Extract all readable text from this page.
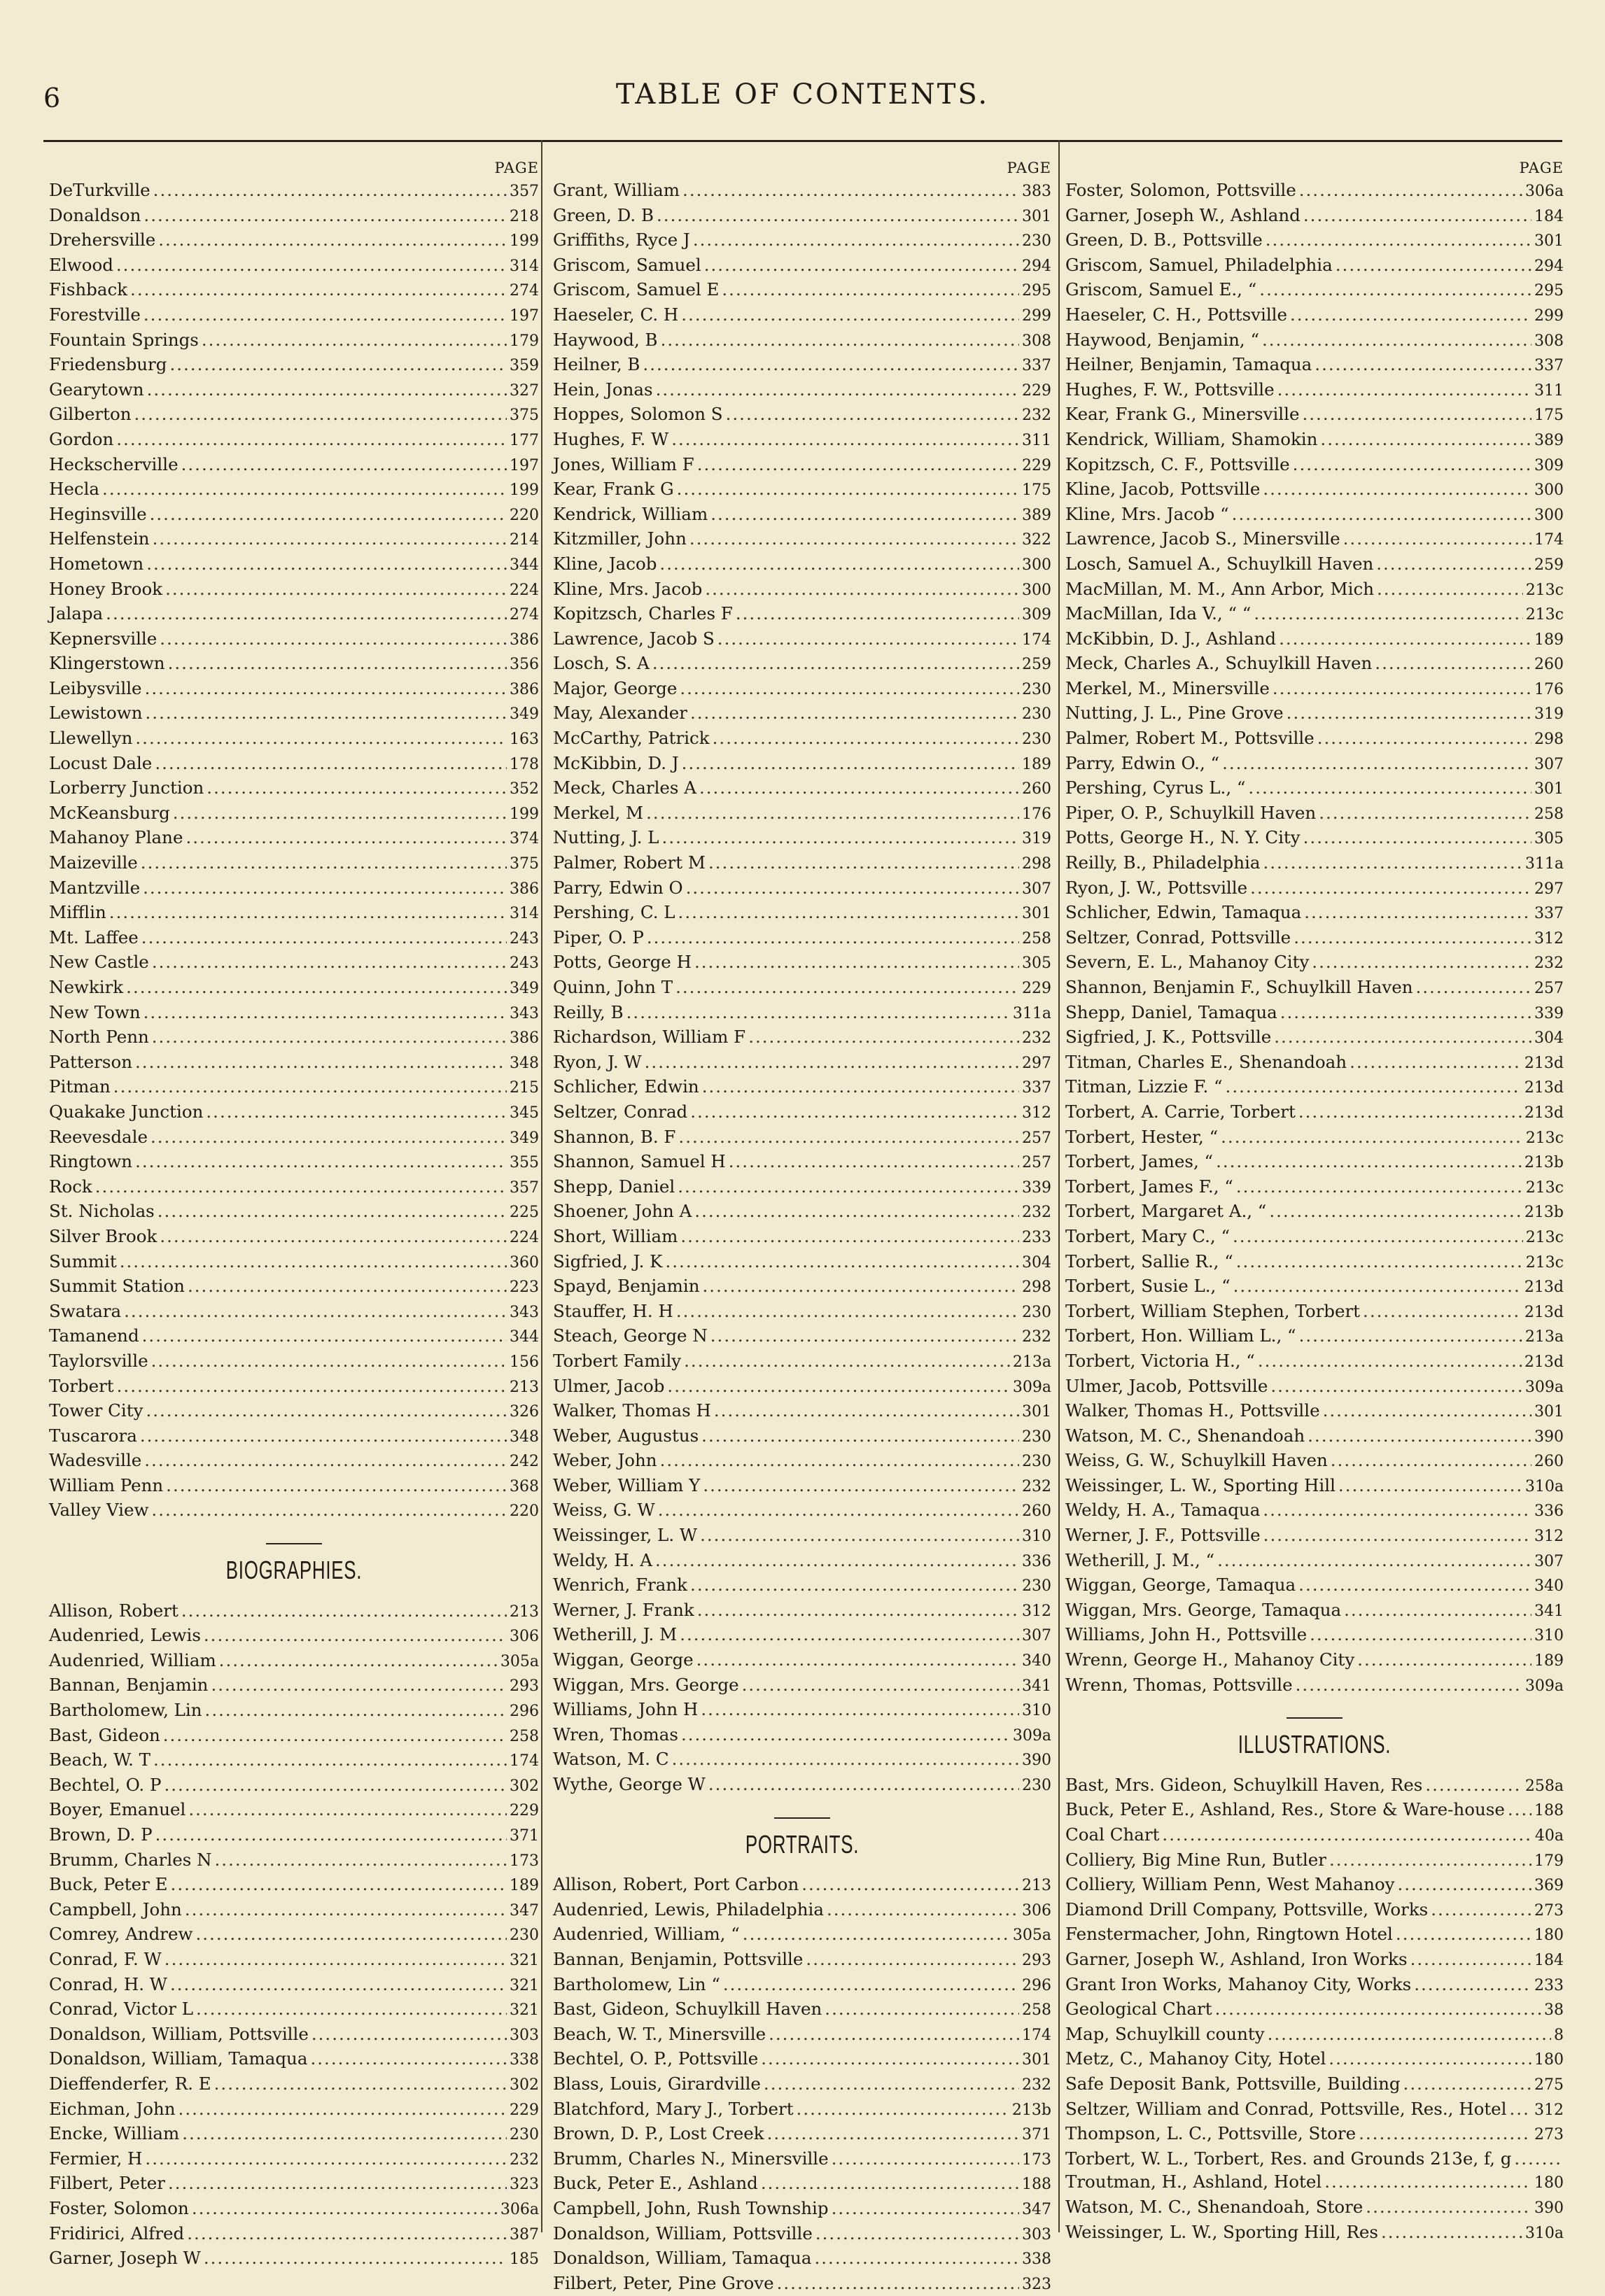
6	TABLE OF CONTENTS.
PAGE
DeTurkville .....	357
Donaldson .....	218
Drehersville .....	199
Elwood .....	314
Fishback .....	274
Forestville .....	197
Fountain Springs .....	179
Friedensburg .....	359
Gearytown .....	327
Gilberton .....	375
Gordon .....	177
Heckscherville .....	197
Hecla .....	199
Heginsville .....	220
Helfenstein .....	214
Hometown .....	344
Honey Brook .....	224
Jalapa .....	274
Kepnersville .....	386
Klingerstown .....	356
Leibysville .....	386
Lewistown .....	349
Llewellyn .....	163
Locust Dale .....	178
Lorberry Junction .....	352
McKeansburg .....	199
Mahanoy Plane .....	374
Maizeville .....	375
Mantzville .....	386
Mifflin .....	314
Mt. Laffee .....	243
New Castle .....	243
Newkirk .....	349
New Town .....	343
North Penn .....	386
Patterson .....	348
Pitman .....	215
Quakake Junction .....	345
Reevesdale .....	349
Ringtown .....	355
Rock .....	357
St. Nicholas .....	225
Silver Brook .....	224
Summit .....	360
Summit Station .....	223
Swatara .....	343
Tamanend .....	344
Taylorsville .....	156
Torbert .....	213
Tower City .....	326
Tuscarora .....	348
Wadesville .....	242
William Penn .....	368
Valley View .....	220
BIOGRAPHIES.
Allison, Robert .....	213
Audenried, Lewis .....	306
Audenried, William .....	305a
Bannan, Benjamin .....	293
Bartholomew, Lin .....	296
Bast, Gideon .....	258
Beach, W. T .....	174
Bechtel, O. P .....	302
Boyer, Emanuel .....	229
Brown, D. P .....	371
Brumm, Charles N .....	173
Buck, Peter E .....	189
Campbell, John .....	347
Comrey, Andrew .....	230
Conrad, F. W .....	321
Conrad, H. W .....	321
Conrad, Victor L .....	321
Donaldson, William, Pottsville .....	303
Donaldson, William, Tamaqua .....	338
Dieffenderfer, R. E .....	302
Eichman, John .....	229
Encke, William .....	230
Fermier, H .....	232
Filbert, Peter .....	323
Foster, Solomon .....	306a
Fridirici, Alfred .....	387
Garner, Joseph W .....	185
PAGE
Grant, William .....	383
Green, D. B .....	301
Griffiths, Ryce J .....	230
Griscom, Samuel .....	294
Griscom, Samuel E .....	295
Haeseler, C. H .....	299
Haywood, B .....	308
Heilner, B .....	337
Hein, Jonas .....	229
Hoppes, Solomon S .....	232
Hughes, F. W .....	311
Jones, William F .....	229
Kear, Frank G .....	175
Kendrick, William .....	389
Kitzmiller, John .....	322
Kline, Jacob .....	300
Kline, Mrs. Jacob .....	300
Kopitzsch, Charles F .....	309
Lawrence, Jacob S .....	174
Losch, S. A .....	259
Major, George .....	230
May, Alexander .....	230
McCarthy, Patrick .....	230
McKibbin, D. J .....	189
Meck, Charles A .....	260
Merkel, M .....	176
Nutting, J. L .....	319
Palmer, Robert M .....	298
Parry, Edwin O .....	307
Pershing, C. L .....	301
Piper, O. P .....	258
Potts, George H .....	305
Quinn, John T .....	229
Reilly, B .....	311a
Richardson, William F .....	232
Ryon, J. W .....	297
Schlicher, Edwin .....	337
Seltzer, Conrad .....	312
Shannon, B. F .....	257
Shannon, Samuel H .....	257
Shepp, Daniel .....	339
Shoener, John A .....	232
Short, William .....	233
Sigfried, J. K .....	304
Spayd, Benjamin .....	298
Stauffer, H. H .....	230
Steach, George N .....	232
Torbert Family .....	213a
Ulmer, Jacob .....	309a
Walker, Thomas H .....	301
Weber, Augustus .....	230
Weber, John .....	230
Weber, William Y .....	232
Weiss, G. W .....	260
Weissinger, L. W .....	310
Weldy, H. A .....	336
Wenrich, Frank .....	230
Werner, J. Frank .....	312
Wetherill, J. M .....	307
Wiggan, George .....	340
Wiggan, Mrs. George .....	341
Williams, John H .....	310
Wren, Thomas .....	309a
Watson, M. C .....	390
Wythe, George W .....	230
PORTRAITS.
Allison, Robert, Port Carbon .....	213
Audenried, Lewis, Philadelphia .....	306
Audenried, William, “ .....	305a
Bannan, Benjamin, Pottsville .....	293
Bartholomew, Lin “ .....	296
Bast, Gideon, Schuylkill Haven .....	258
Beach, W. T., Minersville .....	174
Bechtel, O. P., Pottsville .....	301
Blass, Louis, Girardville .....	232
Blatchford, Mary J., Torbert .....	213b
Brown, D. P., Lost Creek .....	371
Brumm, Charles N., Minersville .....	173
Buck, Peter E., Ashland .....	188
Campbell, John, Rush Township .....	347
Donaldson, William, Pottsville .....	303
Donaldson, William, Tamaqua .....	338
Filbert, Peter, Pine Grove .....	323
PAGE
Foster, Solomon, Pottsville .....	306a
Garner, Joseph W., Ashland .....	184
Green, D. B., Pottsville .....	301
Griscom, Samuel, Philadelphia .....	294
Griscom, Samuel E., “ .....	295
Haeseler, C. H., Pottsville .....	299
Haywood, Benjamin, “ .....	308
Heilner, Benjamin, Tamaqua .....	337
Hughes, F. W., Pottsville .....	311
Kear, Frank G., Minersville .....	175
Kendrick, William, Shamokin .....	389
Kopitzsch, C. F., Pottsville .....	309
Kline, Jacob, Pottsville .....	300
Kline, Mrs. Jacob “ .....	300
Lawrence, Jacob S., Minersville .....	174
Losch, Samuel A., Schuylkill Haven .....	259
MacMillan, M. M., Ann Arbor, Mich .....	213c
MacMillan, Ida V., “ “ .....	213c
McKibbin, D. J., Ashland .....	189
Meck, Charles A., Schuylkill Haven .....	260
Merkel, M., Minersville .....	176
Nutting, J. L., Pine Grove .....	319
Palmer, Robert M., Pottsville .....	298
Parry, Edwin O., “ .....	307
Pershing, Cyrus L., “ .....	301
Piper, O. P., Schuylkill Haven .....	258
Potts, George H., N. Y. City .....	305
Reilly, B., Philadelphia .....	311a
Ryon, J. W., Pottsville .....	297
Schlicher, Edwin, Tamaqua .....	337
Seltzer, Conrad, Pottsville .....	312
Severn, E. L., Mahanoy City .....	232
Shannon, Benjamin F., Schuylkill Haven .....	257
Shepp, Daniel, Tamaqua .....	339
Sigfried, J. K., Pottsville .....	304
Titman, Charles E., Shenandoah .....	213d
Titman, Lizzie F. “ .....	213d
Torbert, A. Carrie, Torbert .....	213d
Torbert, Hester, “ .....	213c
Torbert, James, “ .....	213b
Torbert, James F., “ .....	213c
Torbert, Margaret A., “ .....	213b
Torbert, Mary C., “ .....	213c
Torbert, Sallie R., “ .....	213c
Torbert, Susie L., “ .....	213d
Torbert, William Stephen, Torbert .....	213d
Torbert, Hon. William L., “ .....	213a
Torbert, Victoria H., “ .....	213d
Ulmer, Jacob, Pottsville .....	309a
Walker, Thomas H., Pottsville .....	301
Watson, M. C., Shenandoah .....	390
Weiss, G. W., Schuylkill Haven .....	260
Weissinger, L. W., Sporting Hill .....	310a
Weldy, H. A., Tamaqua .....	336
Werner, J. F., Pottsville .....	312
Wetherill, J. M., “ .....	307
Wiggan, George, Tamaqua .....	340
Wiggan, Mrs. George, Tamaqua .....	341
Williams, John H., Pottsville .....	310
Wrenn, George H., Mahanoy City .....	189
Wrenn, Thomas, Pottsville .....	309a
ILLUSTRATIONS.
Bast, Mrs. Gideon, Schuylkill Haven, Res .....	258a
Buck, Peter E., Ashland, Res., Store & Ware-house ..... 188
Coal Chart .....	40a
Colliery, Big Mine Run, Butler .....	179
Colliery, William Penn, West Mahanoy .....	369
Diamond Drill Company, Pottsville, Works .....	273
Fenstermacher, John, Ringtown Hotel .....	180
Garner, Joseph W., Ashland, Iron Works .....	184
Grant Iron Works, Mahanoy City, Works .....	233
Geological Chart .....	38
Map, Schuylkill county .....	8
Metz, C., Mahanoy City, Hotel .....	180
Safe Deposit Bank, Pottsville, Building .....	275
Seltzer, William and Conrad, Pottsville, Res., Hotel ..... 312
Thompson, L. C., Pottsville, Store .....	273
Torbert, W. L., Torbert, Res. and Grounds 213e, f, g
.....
Troutman, H., Ashland, Hotel .....	180
Watson, M. C., Shenandoah, Store .....	390
Weissinger, L. W., Sporting Hill, Res .....	310a
